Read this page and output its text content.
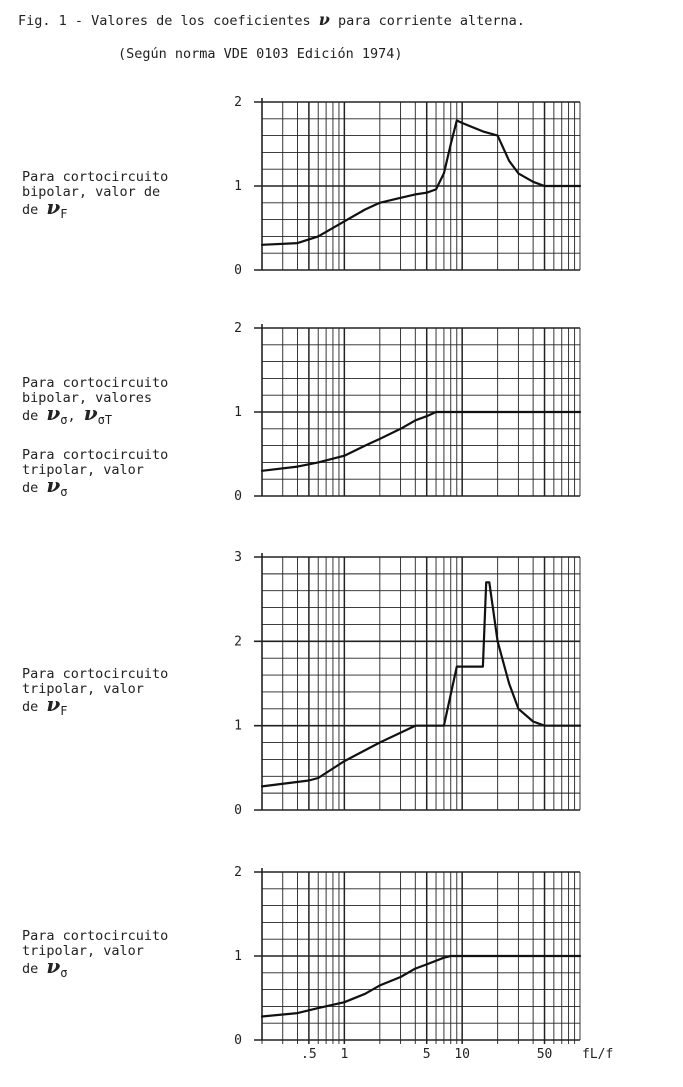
Fig. 1 - Valores de los coeficientes ν para corriente alterna.
(Según norma VDE 0103 Edición 1974)
Para cortocircuito
bipolar, valor de
de νF
Para cortocircuito
bipolar, valores
de νσ, νσT
Para cortocircuito
tripolar, valor
de νσ
Para cortocircuito
tripolar, valor
de νF
Para cortocircuito
tripolar, valor
de νσ
0
1
2
0
1
2
0
1
2
3
0
1
2
.5 1	5 10	50 fL/f
